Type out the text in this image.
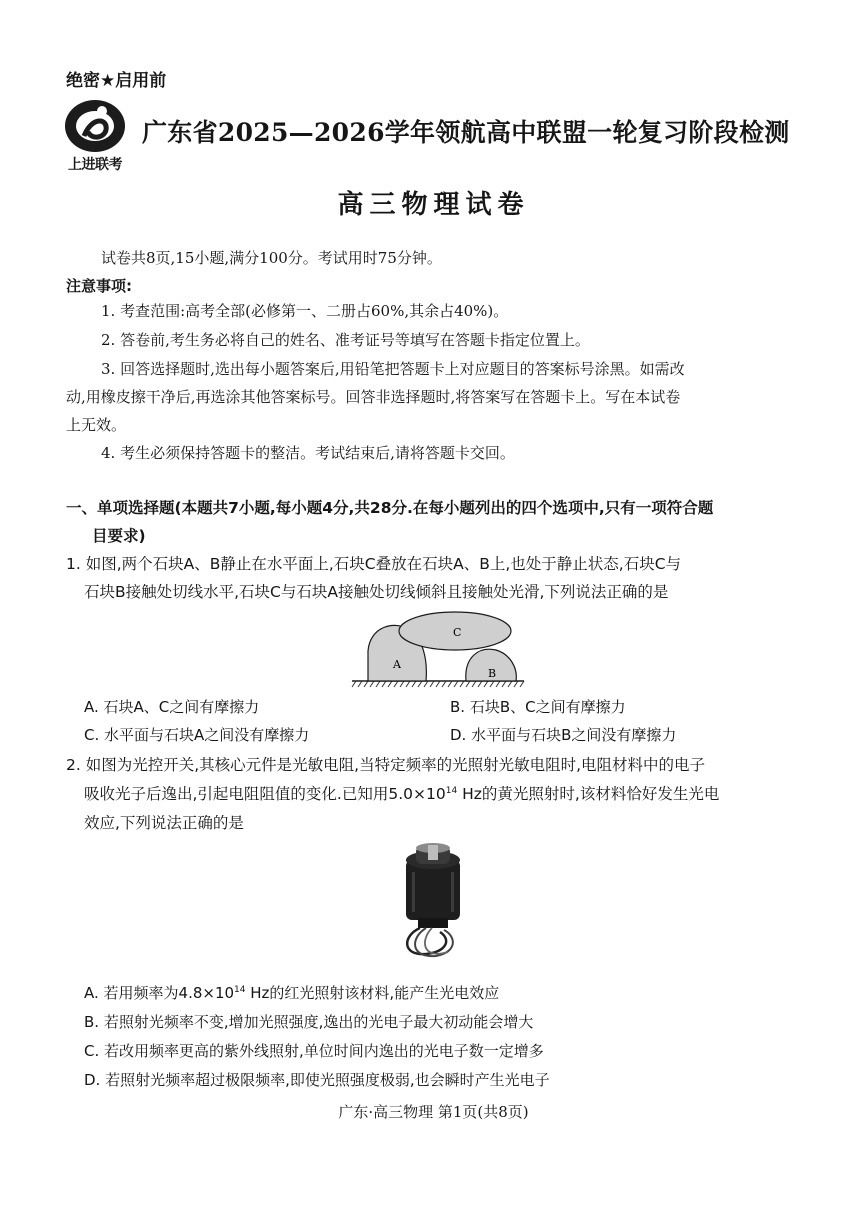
绝密★启用前
上进联考
广东省2025—2026学年领航高中联盟一轮复习阶段检测
高三物理试卷
试卷共8页,15小题,满分100分。考试用时75分钟。
注意事项:
1. 考查范围:高考全部(必修第一、二册占60%,其余占40%)。
2. 答卷前,考生务必将自己的姓名、准考证号等填写在答题卡指定位置上。
3. 回答选择题时,选出每小题答案后,用铅笔把答题卡上对应题目的答案标号涂黑。如需改
动,用橡皮擦干净后,再选涂其他答案标号。回答非选择题时,将答案写在答题卡上。写在本试卷
上无效。
4. 考生必须保持答题卡的整洁。考试结束后,请将答题卡交回。
一、单项选择题(本题共7小题,每小题4分,共28分.在每小题列出的四个选项中,只有一项符合题
目要求)
1. 如图,两个石块A、B静止在水平面上,石块C叠放在石块A、B上,也处于静止状态,石块C与
石块B接触处切线水平,石块C与石块A接触处切线倾斜且接触处光滑,下列说法正确的是
A
B
C
A. 石块A、C之间有摩擦力	B. 石块B、C之间有摩擦力
C. 水平面与石块A之间没有摩擦力	D. 水平面与石块B之间没有摩擦力
2. 如图为光控开关,其核心元件是光敏电阻,当特定频率的光照射光敏电阻时,电阻材料中的电子
吸收光子后逸出,引起电阻阻值的变化.已知用$5.0\times 10^{14}$ Hz的黄光照射时,该材料恰好发生光电
效应,下列说法正确的是
A. 若用频率为$4.8\times 10^{14}$ Hz的红光照射该材料,能产生光电效应
B. 若照射光频率不变,增加光照强度,逸出的光电子最大初动能会增大
C. 若改用频率更高的紫外线照射,单位时间内逸出的光电子数一定增多
D. 若照射光频率超过极限频率,即使光照强度极弱,也会瞬时产生光电子
广东·高三物理 第1页(共8页)
